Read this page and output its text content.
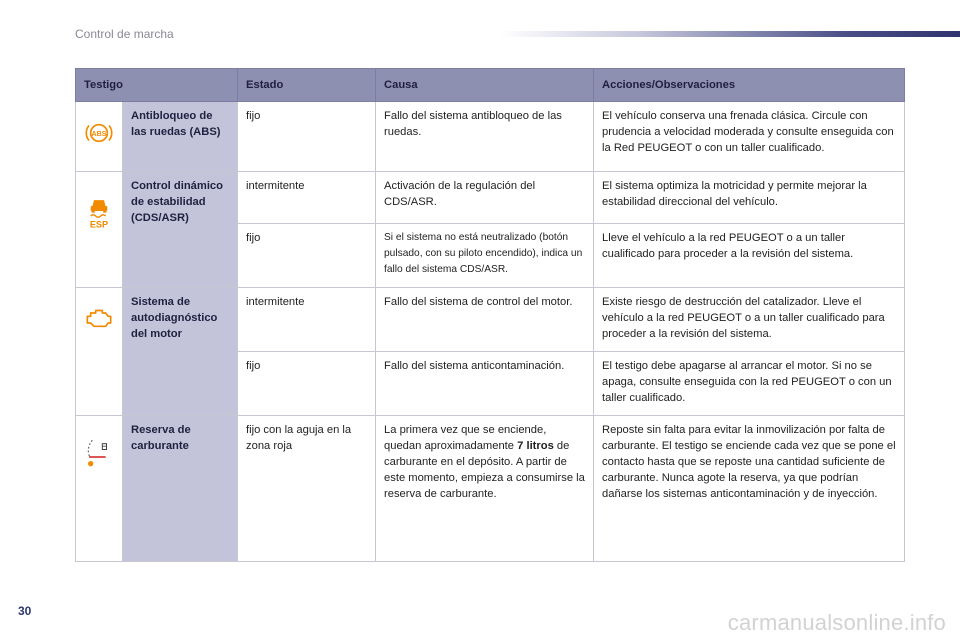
Control de marcha
Testigo		Estado	Causa	Acciones/Observaciones

ABS	Antibloqueo de las ruedas (ABS)	fijo	Fallo del sistema antibloqueo de las ruedas.	El vehículo conserva una frenada clásica. Circule con prudencia a velocidad moderada y consulte enseguida con la Red PEUGEOT o con un taller cualificado.

ESP	Control dinámico de estabilidad (CDS/ASR)	intermitente	Activación de la regulación del CDS/ASR.	El sistema optimiza la motricidad y permite mejorar la estabilidad direccional del vehículo.
		fijo	Si el sistema no está neutralizado (botón pulsado, con su piloto encendido), indica un fallo del sistema CDS/ASR.	Lleve el vehículo a la red PEUGEOT o a un taller cualificado para proceder a la revisión del sistema.

	Sistema de autodiagnóstico del motor	intermitente	Fallo del sistema de control del motor.	Existe riesgo de destrucción del catalizador. Lleve el vehículo a la red PEUGEOT o a un taller cualificado para proceder a la revisión del sistema.
		fijo	Fallo del sistema anticontaminación.	El testigo debe apagarse al arrancar el motor. Si no se apaga, consulte enseguida con la red PEUGEOT o con un taller cualificado.

	Reserva de carburante	fijo con la aguja en la zona roja	La primera vez que se enciende, quedan aproximadamente 7 litros de carburante en el depósito. A partir de este momento, empieza a consumirse la reserva de carburante.	Reposte sin falta para evitar la inmovilización por falta de carburante. El testigo se enciende cada vez que se pone el contacto hasta que se reposte una cantidad suficiente de carburante. Nunca agote la reserva, ya que podrían dañarse los sistemas anticontaminación y de inyección.
30	carmanualsonline.info
